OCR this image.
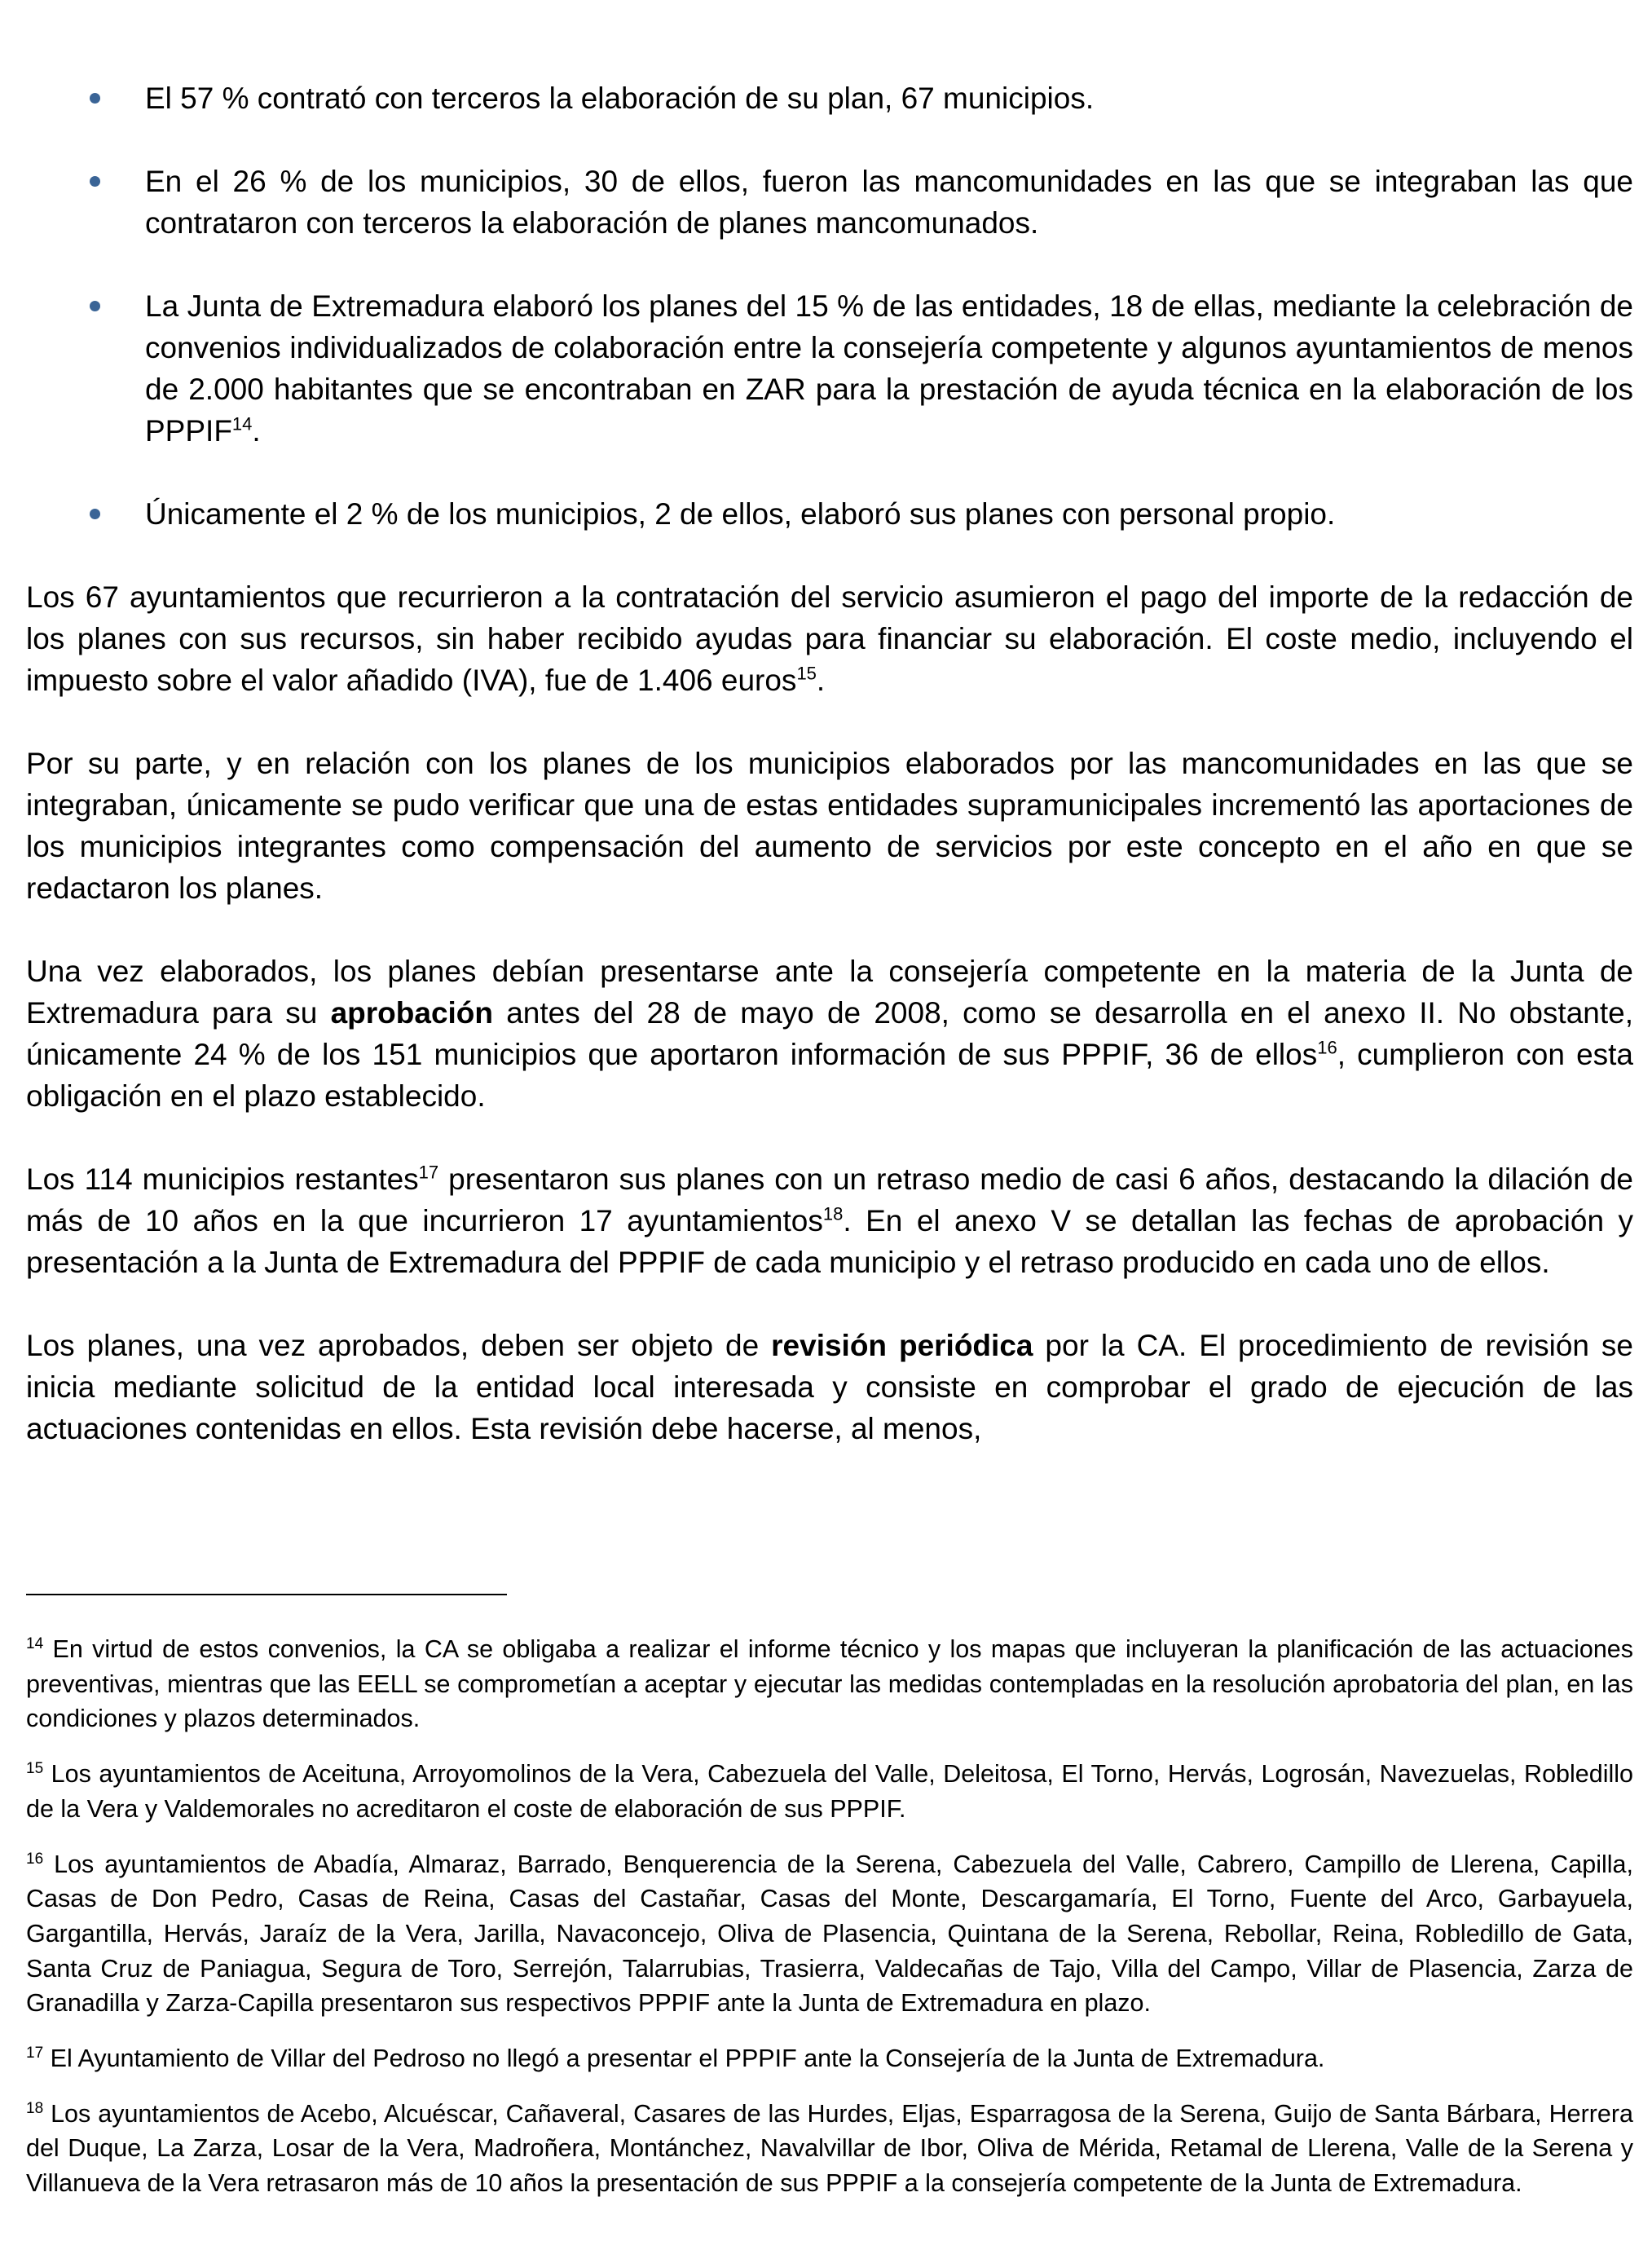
El 57 % contrató con terceros la elaboración de su plan, 67 municipios.
En el 26 % de los municipios, 30 de ellos, fueron las mancomunidades en las que se integraban las que contrataron con terceros la elaboración de planes mancomunados.
La Junta de Extremadura elaboró los planes del 15 % de las entidades, 18 de ellas, mediante la celebración de convenios individualizados de colaboración entre la consejería competente y algunos ayuntamientos de menos de 2.000 habitantes que se encontraban en ZAR para la prestación de ayuda técnica en la elaboración de los PPPIF$^{14}$.
Únicamente el 2 % de los municipios, 2 de ellos, elaboró sus planes con personal propio.

Los 67 ayuntamientos que recurrieron a la contratación del servicio asumieron el pago del importe de la redacción de los planes con sus recursos, sin haber recibido ayudas para financiar su elaboración. El coste medio, incluyendo el impuesto sobre el valor añadido (IVA), fue de 1.406 euros$^{15}$.

Por su parte, y en relación con los planes de los municipios elaborados por las mancomunidades en las que se integraban, únicamente se pudo verificar que una de estas entidades supramunicipales incrementó las aportaciones de los municipios integrantes como compensación del aumento de servicios por este concepto en el año en que se redactaron los planes.

Una vez elaborados, los planes debían presentarse ante la consejería competente en la materia de la Junta de Extremadura para su aprobación antes del 28 de mayo de 2008, como se desarrolla en el anexo II. No obstante, únicamente 24 % de los 151 municipios que aportaron información de sus PPPIF, 36 de ellos$^{16}$, cumplieron con esta obligación en el plazo establecido.

Los 114 municipios restantes$^{17}$ presentaron sus planes con un retraso medio de casi 6 años, destacando la dilación de más de 10 años en la que incurrieron 17 ayuntamientos$^{18}$. En el anexo V se detallan las fechas de aprobación y presentación a la Junta de Extremadura del PPPIF de cada municipio y el retraso producido en cada uno de ellos.

Los planes, una vez aprobados, deben ser objeto de revisión periódica por la CA. El procedimiento de revisión se inicia mediante solicitud de la entidad local interesada y consiste en comprobar el grado de ejecución de las actuaciones contenidas en ellos. Esta revisión debe hacerse, al menos,

$^{14}$ En virtud de estos convenios, la CA se obligaba a realizar el informe técnico y los mapas que incluyeran la planificación de las actuaciones preventivas, mientras que las EELL se comprometían a aceptar y ejecutar las medidas contempladas en la resolución aprobatoria del plan, en las condiciones y plazos determinados.

$^{15}$ Los ayuntamientos de Aceituna, Arroyomolinos de la Vera, Cabezuela del Valle, Deleitosa, El Torno, Hervás, Logrosán, Navezuelas, Robledillo de la Vera y Valdemorales no acreditaron el coste de elaboración de sus PPPIF.

$^{16}$ Los ayuntamientos de Abadía, Almaraz, Barrado, Benquerencia de la Serena, Cabezuela del Valle, Cabrero, Campillo de Llerena, Capilla, Casas de Don Pedro, Casas de Reina, Casas del Castañar, Casas del Monte, Descargamaría, El Torno, Fuente del Arco, Garbayuela, Gargantilla, Hervás, Jaraíz de la Vera, Jarilla, Navaconcejo, Oliva de Plasencia, Quintana de la Serena, Rebollar, Reina, Robledillo de Gata, Santa Cruz de Paniagua, Segura de Toro, Serrejón, Talarrubias, Trasierra, Valdecañas de Tajo, Villa del Campo, Villar de Plasencia, Zarza de Granadilla y Zarza-Capilla presentaron sus respectivos PPPIF ante la Junta de Extremadura en plazo.

$^{17}$ El Ayuntamiento de Villar del Pedroso no llegó a presentar el PPPIF ante la Consejería de la Junta de Extremadura.

$^{18}$ Los ayuntamientos de Acebo, Alcuéscar, Cañaveral, Casares de las Hurdes, Eljas, Esparragosa de la Serena, Guijo de Santa Bárbara, Herrera del Duque, La Zarza, Losar de la Vera, Madroñera, Montánchez, Navalvillar de Ibor, Oliva de Mérida, Retamal de Llerena, Valle de la Serena y Villanueva de la Vera retrasaron más de 10 años la presentación de sus PPPIF a la consejería competente de la Junta de Extremadura.
